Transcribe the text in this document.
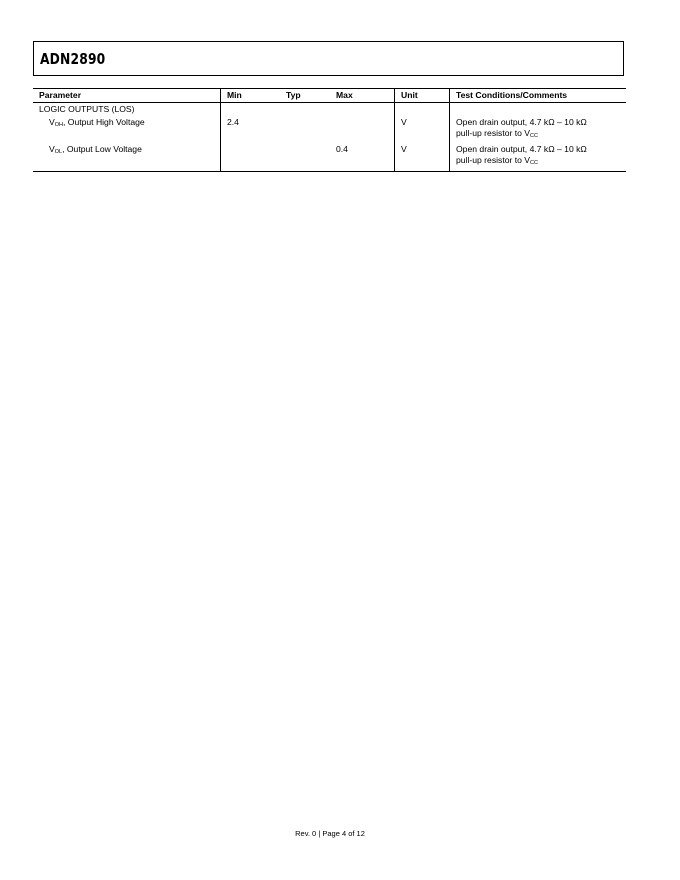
ADN2890
Parameter	Min	Typ	Max	Unit	Test Conditions/Comments
LOGIC OUTPUTS (LOS)					
VOH, Output High Voltage	2.4			V	Open drain output, 4.7 kΩ – 10 kΩ
pull-up resistor to VCC
VOL, Output Low Voltage			0.4	V	Open drain output, 4.7 kΩ – 10 kΩ
pull-up resistor to VCC
Rev. 0 | Page 4 of 12
